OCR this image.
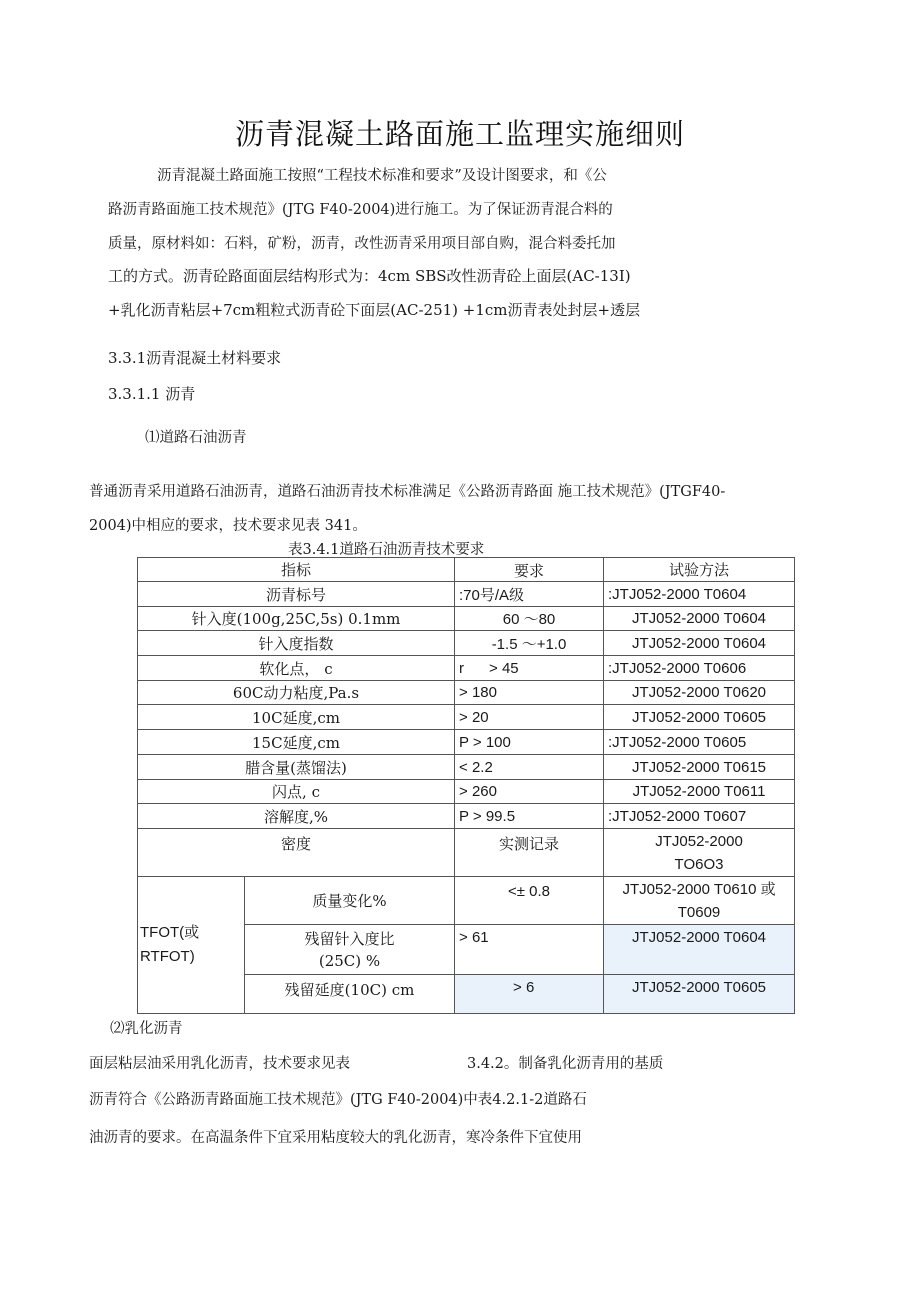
沥青混凝土路面施工监理实施细则
沥青混凝土路面施工按照“工程技术标准和要求”及设计图要求，和《公
路沥青路面施工技术规范》(JTG F40-2004)进行施工。为了保证沥青混合料的
质量，原材料如：石料，矿粉，沥青，改性沥青采用项目部自购，混合料委托加
工的方式。沥青砼路面面层结构形式为：4cm SBS改性沥青砼上面层(AC-13I)
+乳化沥青粘层+7cm粗粒式沥青砼下面层(AC-251) +1cm沥青表处封层+透层
3.3.1沥青混凝土材料要求
3.3.1.1 沥青
⑴道路石油沥青
普通沥青采用道路石油沥青，道路石油沥青技术标准满足《公路沥青路面 施工技术规范》(JTGF40-
2004)中相应的要求，技术要求见表 341。
表3.4.1道路石油沥青技术要求
指标		要求	试验方法
沥青标号		:70号/A级	:JTJ052-2000 T0604
针入度(100g,25C,5s) 0.1mm		60 ～80	JTJ052-2000 T0604
针入度指数		-1.5 ～+1.0	JTJ052-2000 T0604
软化点， c		r      > 45	:JTJ052-2000 T0606
60C动力粘度,Pa.s		> 180	JTJ052-2000 T0620
10C延度,cm		> 20	JTJ052-2000 T0605
15C延度,cm		P > 100	:JTJ052-2000 T0605
腊含量(蒸馏法)		< 2.2	JTJ052-2000 T0615
闪点, c		> 260	JTJ052-2000 T0611
溶解度,%		P > 99.5	:JTJ052-2000 T0607
密度		实测记录	JTJ052-2000
TO6O3
TFOT(或
RTFOT)	质量变化%	<± 0.8	JTJ052-2000 T0610 或
T0609
	残留针入度比
(25C) %	> 61	JTJ052-2000 T0604
	残留延度(10C) cm	> 6	JTJ052-2000 T0605
⑵乳化沥青
面层粘层油采用乳化沥青，技术要求见表	3.4.2。制备乳化沥青用的基质
沥青符合《公路沥青路面施工技术规范》(JTG F40-2004)中表4.2.1-2道路石
油沥青的要求。在高温条件下宜采用粘度较大的乳化沥青，寒冷条件下宜使用
